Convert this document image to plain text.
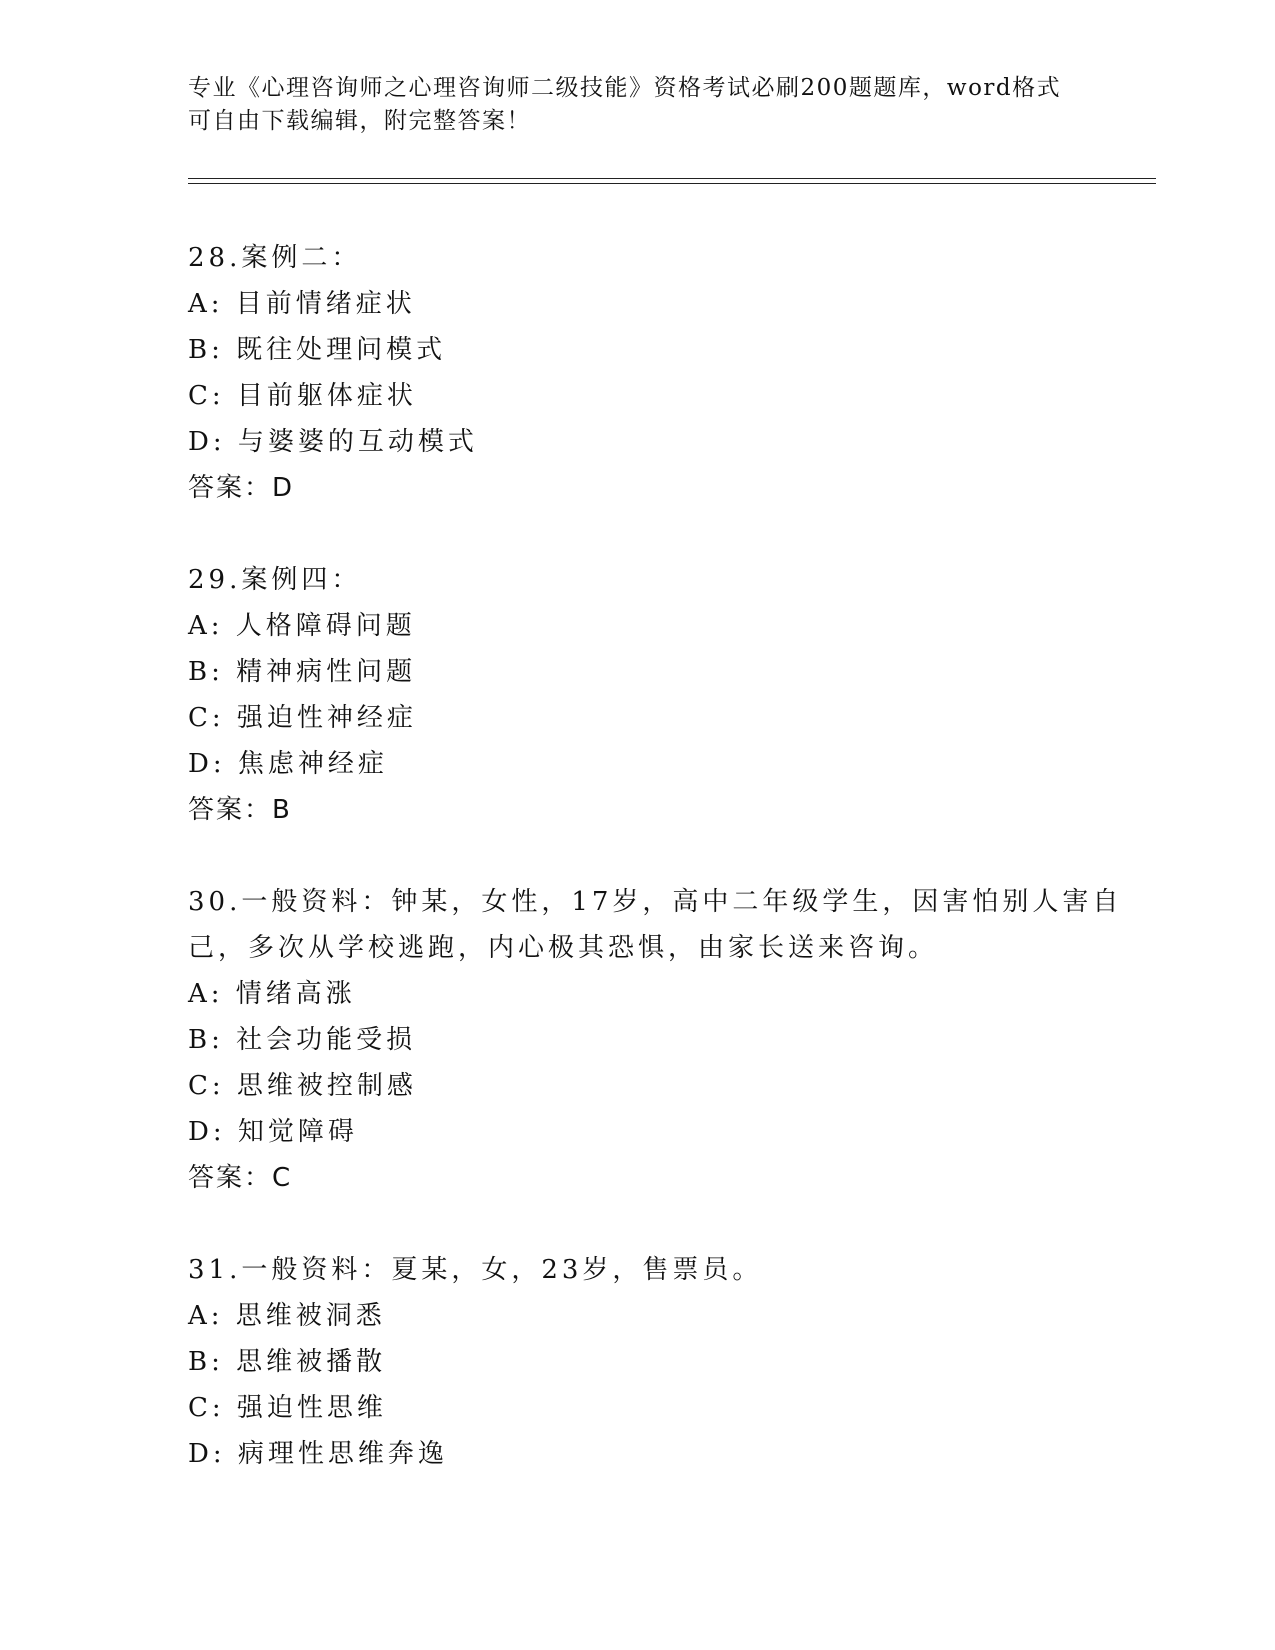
专业《心理咨询师之心理咨询师二级技能》资格考试必刷200题题库，word格式
可自由下载编辑，附完整答案！
28.案例二：
A: 目前情绪症状
B: 既往处理问模式
C: 目前躯体症状
D: 与婆婆的互动模式
答案：D
29.案例四：
A: 人格障碍问题
B: 精神病性问题
C: 强迫性神经症
D: 焦虑神经症
答案：B
30.一般资料：钟某，女性，17岁，高中二年级学生，因害怕别人害自
己，多次从学校逃跑，内心极其恐惧，由家长送来咨询。
A: 情绪高涨
B: 社会功能受损
C: 思维被控制感
D: 知觉障碍
答案：C
31.一般资料：夏某，女，23岁，售票员。
A: 思维被洞悉
B: 思维被播散
C: 强迫性思维
D: 病理性思维奔逸
